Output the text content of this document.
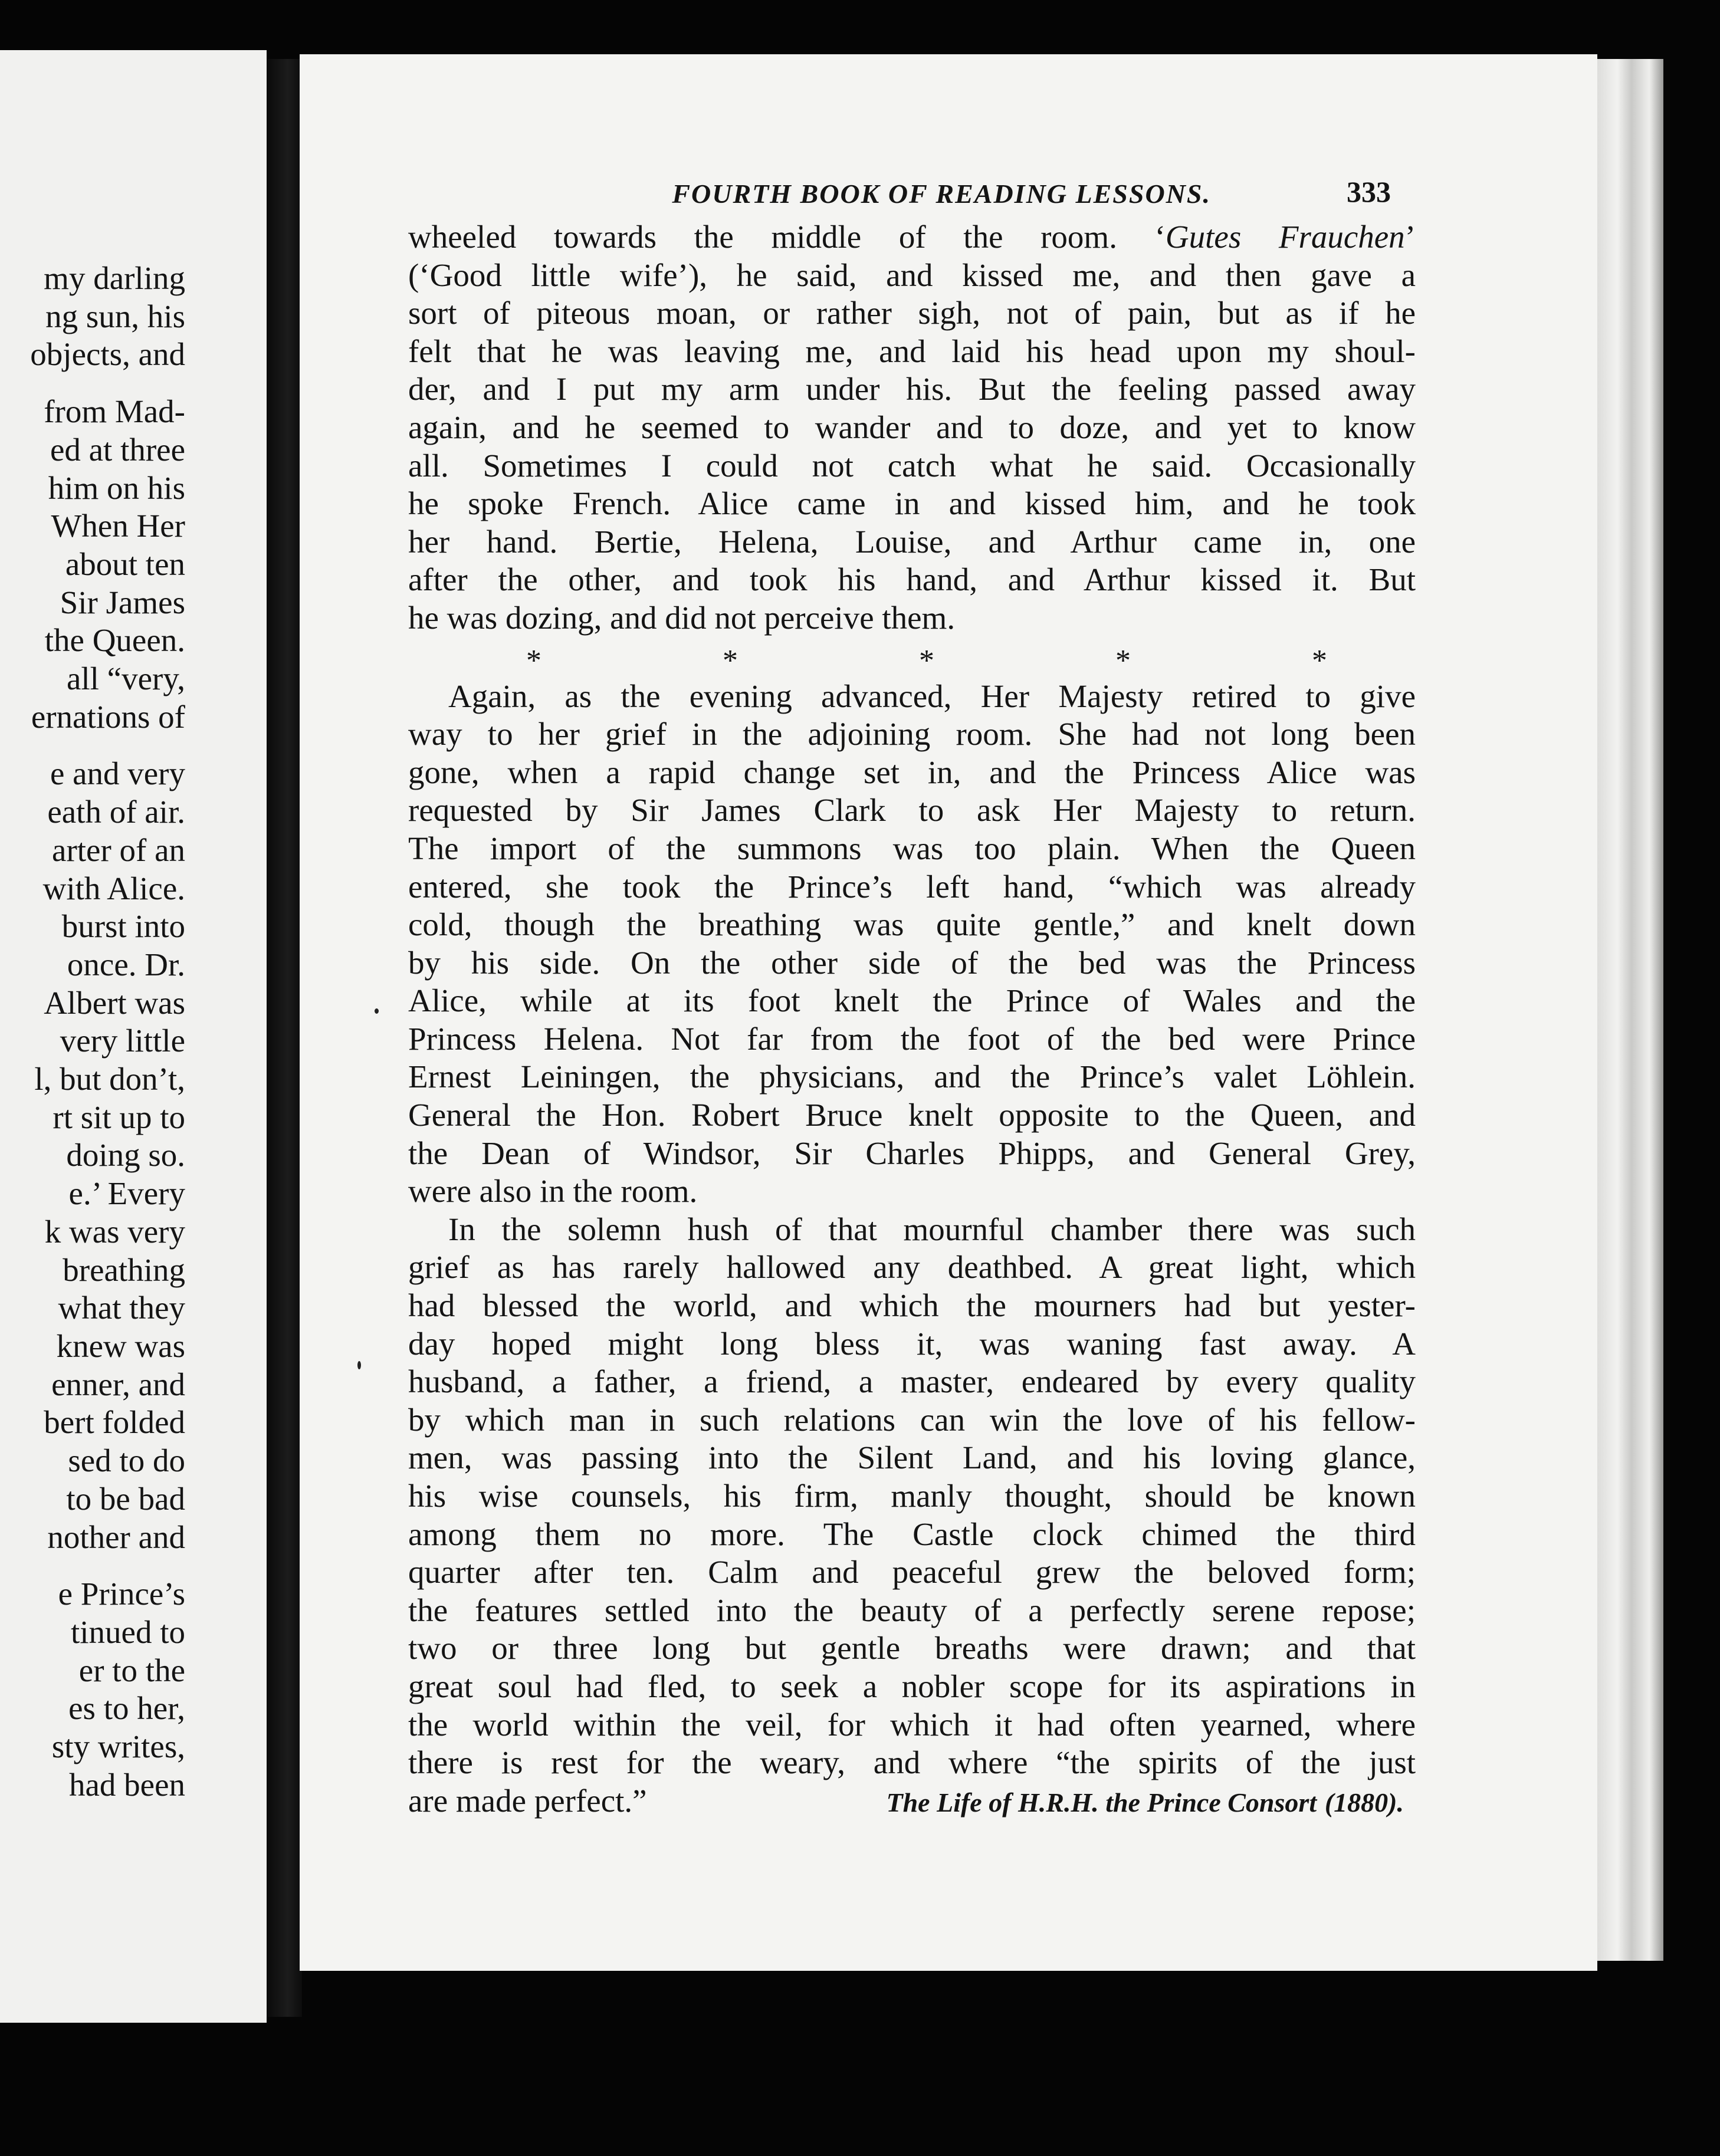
my darling
ng sun, his
objects, and
from Mad-
ed at three
him on his
When Her
about ten
Sir James
the Queen.
all “very,
ernations of
e and very
eath of air.
arter of an
with Alice.
burst into
once. Dr.
Albert was
very little
l, but don’t,
rt sit up to
doing so.
e.’ Every
k was very
breathing
what they
knew was
enner, and
bert folded
sed to do
to be bad
nother and
e Prince’s
tinued to
er to the
es to her,
sty writes,
had been
FOURTH BOOK OF READING LESSONS.	333
wheeled towards the middle of the room. ‘Gutes Frauchen’
(‘Good little wife’), he said, and kissed me, and then gave a
sort of piteous moan, or rather sigh, not of pain, but as if he
felt that he was leaving me, and laid his head upon my shoul-
der, and I put my arm under his. But the feeling passed away
again, and he seemed to wander and to doze, and yet to know
all. Sometimes I could not catch what he said. Occasionally
he spoke French. Alice came in and kissed him, and he took
her hand. Bertie, Helena, Louise, and Arthur came in, one
after the other, and took his hand, and Arthur kissed it. But
he was dozing, and did not perceive them.
*	*	*	*	*
Again, as the evening advanced, Her Majesty retired to give
way to her grief in the adjoining room. She had not long been
gone, when a rapid change set in, and the Princess Alice was
requested by Sir James Clark to ask Her Majesty to return.
The import of the summons was too plain. When the Queen
entered, she took the Prince’s left hand, “which was already
cold, though the breathing was quite gentle,” and knelt down
by his side. On the other side of the bed was the Princess
Alice, while at its foot knelt the Prince of Wales and the
Princess Helena. Not far from the foot of the bed were Prince
Ernest Leiningen, the physicians, and the Prince’s valet Löhlein.
General the Hon. Robert Bruce knelt opposite to the Queen, and
the Dean of Windsor, Sir Charles Phipps, and General Grey,
were also in the room.
In the solemn hush of that mournful chamber there was such
grief as has rarely hallowed any deathbed. A great light, which
had blessed the world, and which the mourners had but yester-
day hoped might long bless it, was waning fast away. A
husband, a father, a friend, a master, endeared by every quality
by which man in such relations can win the love of his fellow-
men, was passing into the Silent Land, and his loving glance,
his wise counsels, his firm, manly thought, should be known
among them no more. The Castle clock chimed the third
quarter after ten. Calm and peaceful grew the beloved form;
the features settled into the beauty of a perfectly serene repose;
two or three long but gentle breaths were drawn; and that
great soul had fled, to seek a nobler scope for its aspirations in
the world within the veil, for which it had often yearned, where
there is rest for the weary, and where “the spirits of the just
are made perfect.”	The Life of H.R.H. the Prince Consort (1880).
